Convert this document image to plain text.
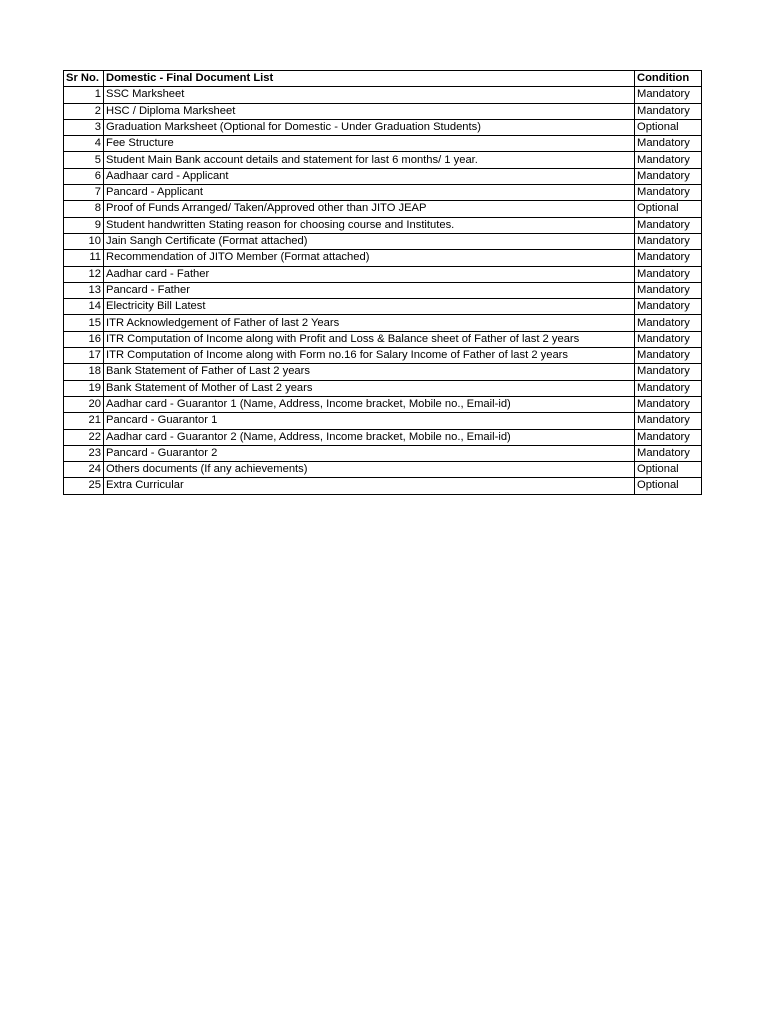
Sr No.	Domestic - Final Document List	Condition
1	SSC Marksheet	Mandatory
2	HSC / Diploma Marksheet	Mandatory
3	Graduation Marksheet (Optional for Domestic - Under Graduation Students)	Optional
4	Fee Structure	Mandatory
5	Student Main Bank account details and statement for last 6 months/ 1 year.	Mandatory
6	Aadhaar card - Applicant	Mandatory
7	Pancard - Applicant	Mandatory
8	Proof of Funds Arranged/ Taken/Approved other than JITO JEAP	Optional
9	Student handwritten Stating reason for choosing course and Institutes.	Mandatory
10	Jain Sangh Certificate (Format attached)	Mandatory
11	Recommendation of JITO Member (Format attached)	Mandatory
12	Aadhar card - Father	Mandatory
13	Pancard - Father	Mandatory
14	Electricity Bill Latest	Mandatory
15	ITR Acknowledgement of Father of last 2 Years	Mandatory
16	ITR Computation of Income along with Profit and Loss & Balance sheet of Father of last 2 years	Mandatory
17	ITR Computation of Income along with Form no.16 for Salary Income of Father of last 2 years	Mandatory
18	Bank Statement of Father of Last 2 years	Mandatory
19	Bank Statement of Mother of Last 2 years	Mandatory
20	Aadhar card - Guarantor 1 (Name, Address, Income bracket, Mobile no., Email-id)	Mandatory
21	Pancard - Guarantor 1	Mandatory
22	Aadhar card - Guarantor 2 (Name, Address, Income bracket, Mobile no., Email-id)	Mandatory
23	Pancard - Guarantor 2	Mandatory
24	Others documents (If any achievements)	Optional
25	Extra Curricular	Optional
